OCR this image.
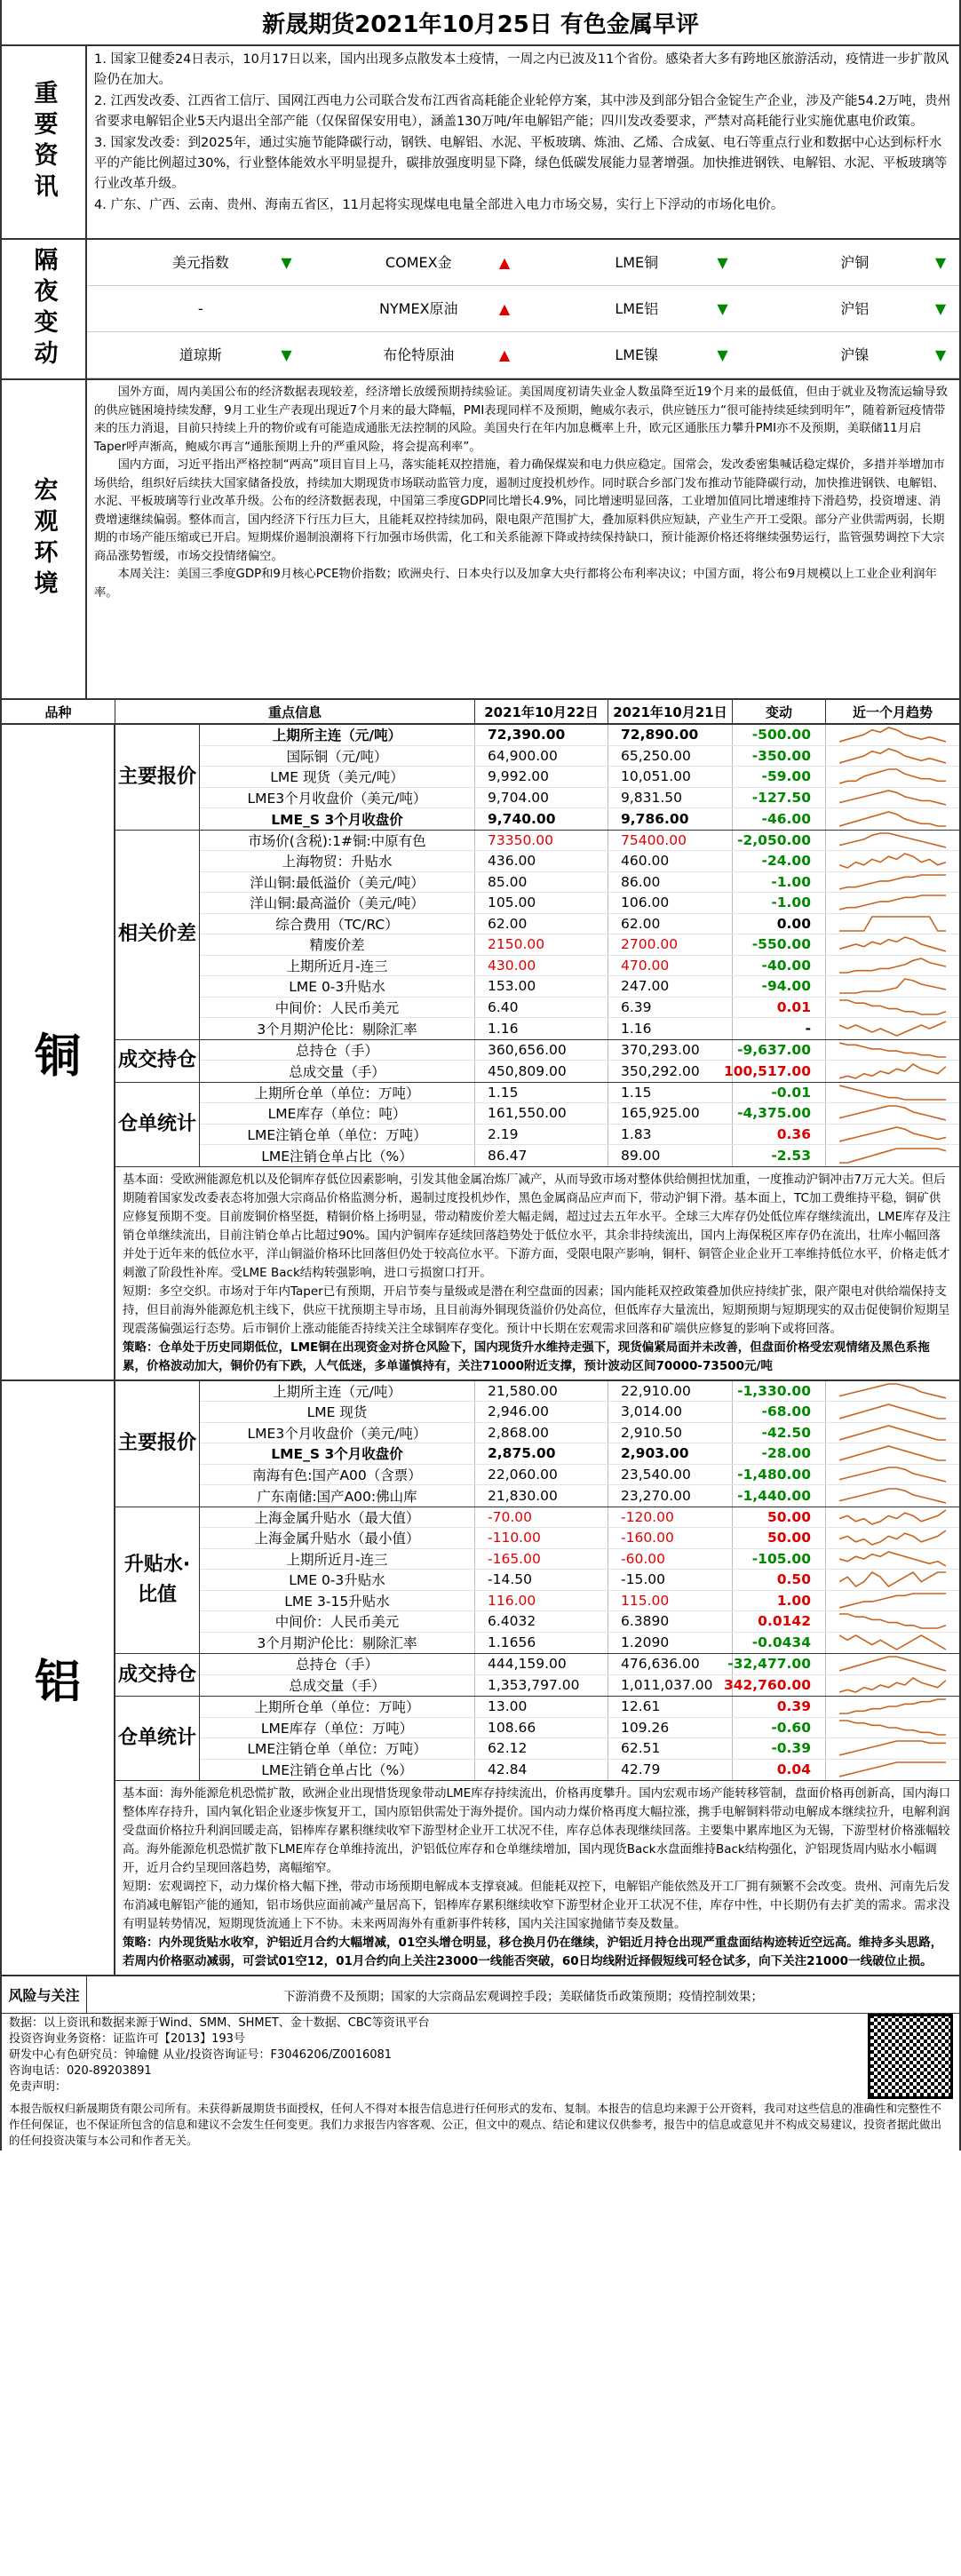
新晟期货2021年10月25日 有色金属早评
重要资讯

1. 国家卫健委24日表示，10月17日以来，国内出现多点散发本土疫情，一周之内已波及11个省份。感染者大多有跨地区旅游活动，疫情进一步扩散风险仍在加大。

2. 江西发改委、江西省工信厅、国网江西电力公司联合发布江西省高耗能企业轮停方案，其中涉及到部分铝合金锭生产企业，涉及产能54.2万吨，贵州省要求电解铝企业5天内退出全部产能（仅保留保安用电），涵盖130万吨/年电解铝产能；四川发改委要求，严禁对高耗能行业实施优惠电价政策。

3. 国家发改委：到2025年，通过实施节能降碳行动，钢铁、电解铝、水泥、平板玻璃、炼油、乙烯、合成氨、电石等重点行业和数据中心达到标杆水平的产能比例超过30%，行业整体能效水平明显提升，碳排放强度明显下降，绿色低碳发展能力显著增强。加快推进钢铁、电解铝、水泥、平板玻璃等行业改革升级。

4. 广东、广西、云南、贵州、海南五省区，11月起将实现煤电电量全部进入电力市场交易，实行上下浮动的市场化电价。

隔夜变动	美元指数	▼	COMEX金	▲	LME铜	▼	沪铜	▼
-	NYMEX原油	▲	LME铝	▼	沪铝	▼
道琼斯	▼	布伦特原油	▲	LME镍	▼	沪镍	▼
宏观环境

国外方面，周内美国公布的经济数据表现较差，经济增长放缓预期持续验证。美国周度初请失业金人数虽降至近19个月来的最低值，但由于就业及物流运输导致的供应链困境持续发酵，9月工业生产表现出现近7个月来的最大降幅，PMI表现同样不及预期，鲍威尔表示，供应链压力“很可能持续延续到明年”，随着新冠疫情带来的压力消退，目前只持续上升的物价或有可能造成通胀无法控制的风险。美国央行在年内加息概率上升，欧元区通胀压力攀升PMI亦不及预期，美联储11月启Taper呼声渐高，鲍威尔再言“通胀预期上升的严重风险，将会提高利率”。

国内方面，习近平指出严格控制“两高”项目盲目上马，落实能耗双控措施，着力确保煤炭和电力供应稳定。国常会，发改委密集喊话稳定煤价，多措并举增加市场供给，组织好后续扶大国家储备投放，持续加大期现货市场联动监管力度，遏制过度投机炒作。同时联合乡部门发布推动节能降碳行动，加快推进钢铁、电解铝、水泥、平板玻璃等行业改革升级。公布的经济数据表现，中国第三季度GDP同比增长4.9%，同比增速明显回落，工业增加值同比增速维持下滑趋势，投资增速、消费增速继续偏弱。整体而言，国内经济下行压力巨大，且能耗双控持续加码，限电限产范围扩大，叠加原料供应短缺，产业生产开工受限。部分产业供需两弱，长期期的市场产能压缩或已开启。短期煤价遏制浪潮将下行加强市场供需，化工和关系能源下降或持续保持缺口，预计能源价格还将继续强势运行，监管强势调控下大宗商品涨势暂缓，市场交投情绪偏空。

本周关注：美国三季度GDP和9月核心PCE物价指数；欧洲央行、日本央行以及加拿大央行都将公布利率决议；中国方面，将公布9月规模以上工业企业利润年率。

品种	重点信息	2021年10月22日	2021年10月21日	变动	近一个月趋势
铜
主要报价
上期所主连（元/吨）	72,390.00	72,890.00	-500.00
国际铜（元/吨）	64,900.00	65,250.00	-350.00
LME 现货（美元/吨）	9,992.00	10,051.00	-59.00
LME3个月收盘价（美元/吨）	9,704.00	9,831.50	-127.50
LME_S 3个月收盘价	9,740.00	9,786.00	-46.00
相关价差
市场价(含税):1#铜:中原有色	73350.00	75400.00	-2,050.00
上海物贸：升贴水	436.00	460.00	-24.00
洋山铜:最低溢价（美元/吨）	85.00	86.00	-1.00
洋山铜:最高溢价（美元/吨）	105.00	106.00	-1.00
综合费用（TC/RC）	62.00	62.00	0.00
精废价差	2150.00	2700.00	-550.00
上期所近月-连三	430.00	470.00	-40.00
LME 0-3升贴水	153.00	247.00	-94.00
中间价：人民币美元	6.40	6.39	0.01
3个月期沪伦比：剔除汇率	1.16	1.16	-
成交持仓	总持仓（手）	360,656.00	370,293.00	-9,637.00
总成交量（手）	450,809.00	350,292.00	100,517.00
仓单统计
上期所仓单（单位：万吨）	1.15	1.15	-0.01
LME库存（单位：吨）	161,550.00	165,925.00	-4,375.00
LME注销仓单（单位：万吨）	2.19	1.83	0.36
LME注销仓单占比（%）	86.47	89.00	-2.53

基本面：受欧洲能源危机以及伦铜库存低位因素影响，引发其他金属冶炼厂减产，从而导致市场对整体供给侧担忧加重，一度推动沪铜冲击7万元大关。但后期随着国家发改委表态将加强大宗商品价格监测分析，遏制过度投机炒作，黑色金属商品应声而下，带动沪铜下滑。基本面上，TC加工费维持平稳，铜矿供应修复预期不变。目前废铜价格坚挺，精铜价格上扬明显，带动精废价差大幅走阔，超过过去五年水平。全球三大库存仍处低位库存继续流出，LME库存及注销仓单继续流出，目前注销仓单占比超过90%。国内沪铜库存延续回落趋势处于低位水平，其余非持续流出，国内上海保税区库存仍在流出，壮库小幅回落并处于近年来的低位水平，洋山铜溢价格环比回落但仍处于较高位水平。下游方面，受限电限产影响，铜杆、铜管企业企业开工率维持低位水平，价格走低才刺激了阶段性补库。受LME Back结构转强影响，进口亏损窗口打开。

短期：多空交织。市场对于年内Taper已有预期，开启节奏与量级或是潜在利空盘面的因素；国内能耗双控政策叠加供应持续扩张，限产限电对供给端保持支持，但目前海外能源危机主线下，供应干扰预期主导市场，且目前海外铜现货溢价仍处高位，但低库存大量流出，短期预期与短期现实的双击促使铜价短期呈现震荡偏强运行态势。后市铜价上涨动能能否持续关注全球铜库存变化。预计中长期在宏观需求回落和矿端供应修复的影响下或将回落。

策略：仓单处于历史同期低位，LME铜在出现资金对挤仓风险下，国内现货升水维持走强下，现货偏紧局面并未改善，但盘面价格受宏观情绪及黑色系拖累，价格波动加大，铜价仍有下跌，人气低迷，多单谨慎持有，关注71000附近支撑，预计波动区间70000-73500元/吨

铝
主要报价
上期所主连（元/吨）	21,580.00	22,910.00	-1,330.00
LME 现货	2,946.00	3,014.00	-68.00
LME3个月收盘价（美元/吨）	2,868.00	2,910.50	-42.50
LME_S 3个月收盘价	2,875.00	2,903.00	-28.00
南海有色:国产A00（含票）	22,060.00	23,540.00	-1,480.00
广东南储:国产A00:佛山库	21,830.00	23,270.00	-1,440.00
升贴水·比值
上海金属升贴水（最大值）	-70.00	-120.00	50.00
上海金属升贴水（最小值）	-110.00	-160.00	50.00
上期所近月-连三	-165.00	-60.00	-105.00
LME 0-3升贴水	-14.50	-15.00	0.50
LME 3-15升贴水	116.00	115.00	1.00
中间价：人民币美元	6.4032	6.3890	0.0142
3个月期沪伦比：剔除汇率	1.1656	1.2090	-0.0434
成交持仓	总持仓（手）	444,159.00	476,636.00	-32,477.00
总成交量（手）	1,353,797.00	1,011,037.00 342,760.00
仓单统计
上期所仓单（单位：万吨）	13.00	12.61	0.39
LME库存（单位：万吨）	108.66	109.26	-0.60
LME注销仓单（单位：万吨）	62.12	62.51	-0.39
LME注销仓单占比（%）	42.84	42.79	0.04

基本面：海外能源危机恐慌扩散，欧洲企业出现惜货现象带动LME库存持续流出，价格再度攀升。国内宏观市场产能转移管制，盘面价格再创新高，国内海口整体库存持升，国内氧化铝企业逐步恢复开工，国内原铝供需处于海外提价。国内动力煤价格再度大幅拉涨，携手电解铜料带动电解成本继续拉升，电解利润受盘面价格拉升利润回暖走高，铝棒库存累积继续收窄下游型材企业开工状况不佳，库存总体表现继续回落。主要集中累库地区为无锡，下游型材价格涨幅较高。海外能源危机恐慌扩散下LME库存仓单维持流出，沪铝低位库存和仓单继续增加，国内现货Back水盘面维持Back结构强化，沪铝现货周内贴水小幅调开，近月合约呈现回落趋势，离幅缩窄。

短期：宏观调控下，动力煤价格大幅下挫，带动市场预期电解成本支撑衰减。但能耗双控下，电解铝产能依然及开工厂拥有频繁不会改变。贵州、河南先后发布消减电解铝产能的通知，铝市场供应面前减产量居高下，铝棒库存累积继续收窄下游型材企业开工状况不佳，库存中性，中长期仍有去扩美的需求。需求没有明显转势情况，短期现货流通上下不协。未来两周海外有重新事件转移，国内关注国家抛储节奏及数量。

策略：内外现货贴水收窄，沪铝近月合约大幅增减，01空头增仓明显，移仓换月仍在继续，沪铝近月持仓出现严重盘面结构迹转近空远高。维持多头思路，若周内价格驱动减弱，可尝试01空12，01月合约向上关注23000一线能否突破，60日均线附近择假短线可轻仓试多，向下关注21000一线破位止损。

风险与关注	下游消费不及预期；国家的大宗商品宏观调控手段；美联储货币政策预期；疫情控制效果；

数据：以上资讯和数据来源于Wind、SMM、SHMET、金十数据、CBC等资讯平台

投资咨询业务资格：证监许可【2013】193号

研发中心有色研究员：钟瑜健 从业/投资咨询证号：F3046206/Z0016081

咨询电话：020-89203891

免责声明：

本报告版权归新晟期货有限公司所有。未获得新晟期货书面授权，任何人不得对本报告信息进行任何形式的发布、复制。本报告的信息均来源于公开资料，我司对这些信息的准确性和完整性不作任何保证，也不保证所包含的信息和建议不会发生任何变更。我们力求报告内容客观、公正，但文中的观点、结论和建议仅供参考，报告中的信息或意见并不构成交易建议，投资者据此做出的任何投资决策与本公司和作者无关。
